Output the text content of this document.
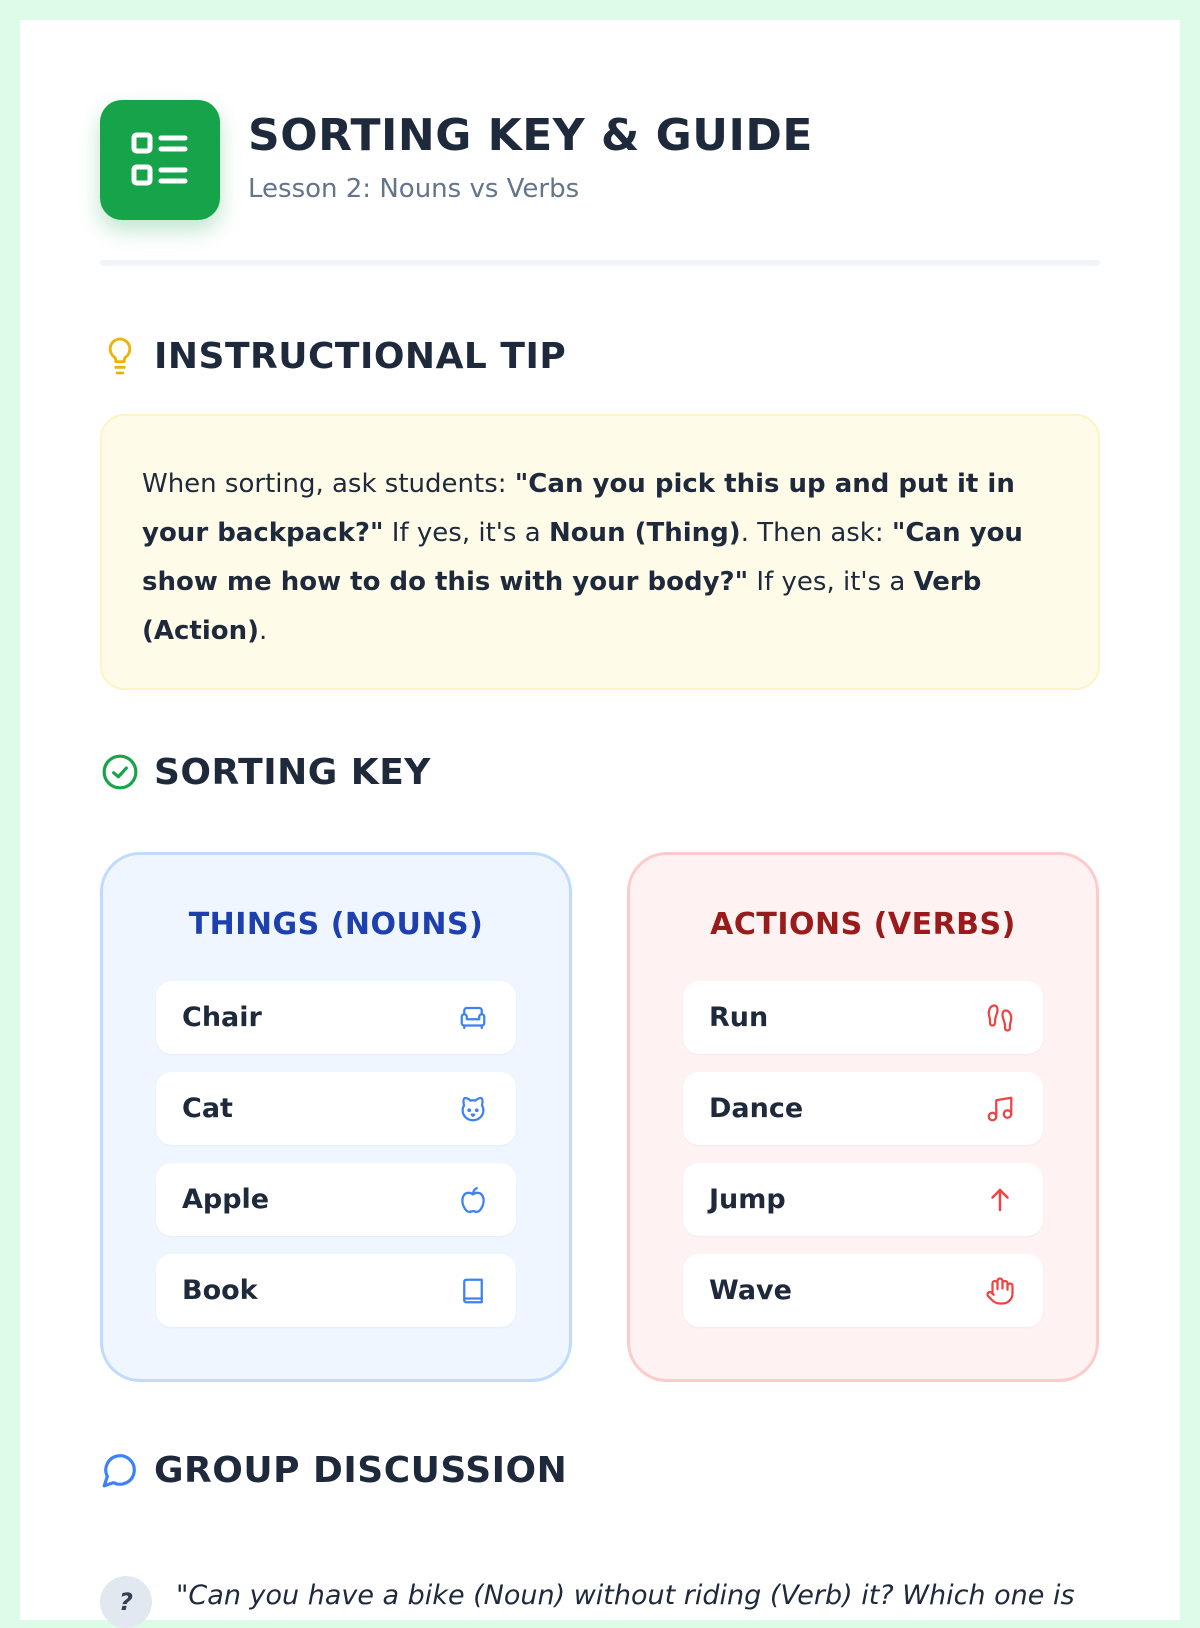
SORTING KEY & GUIDE
Lesson 2: Nouns vs Verbs
INSTRUCTIONAL TIP
When sorting, ask students: "Can you pick this up and put it in your backpack?" If yes, it's a Noun (Thing). Then ask: "Can you show me how to do this with your body?" If yes, it's a Verb (Action).
SORTING KEY
THINGS (NOUNS)
Chair
Cat
Apple
Book
ACTIONS (VERBS)
Run
Dance
Jump
Wave
GROUP DISCUSSION
?	"Can you have a bike (Noun) without riding (Verb) it? Which one is
